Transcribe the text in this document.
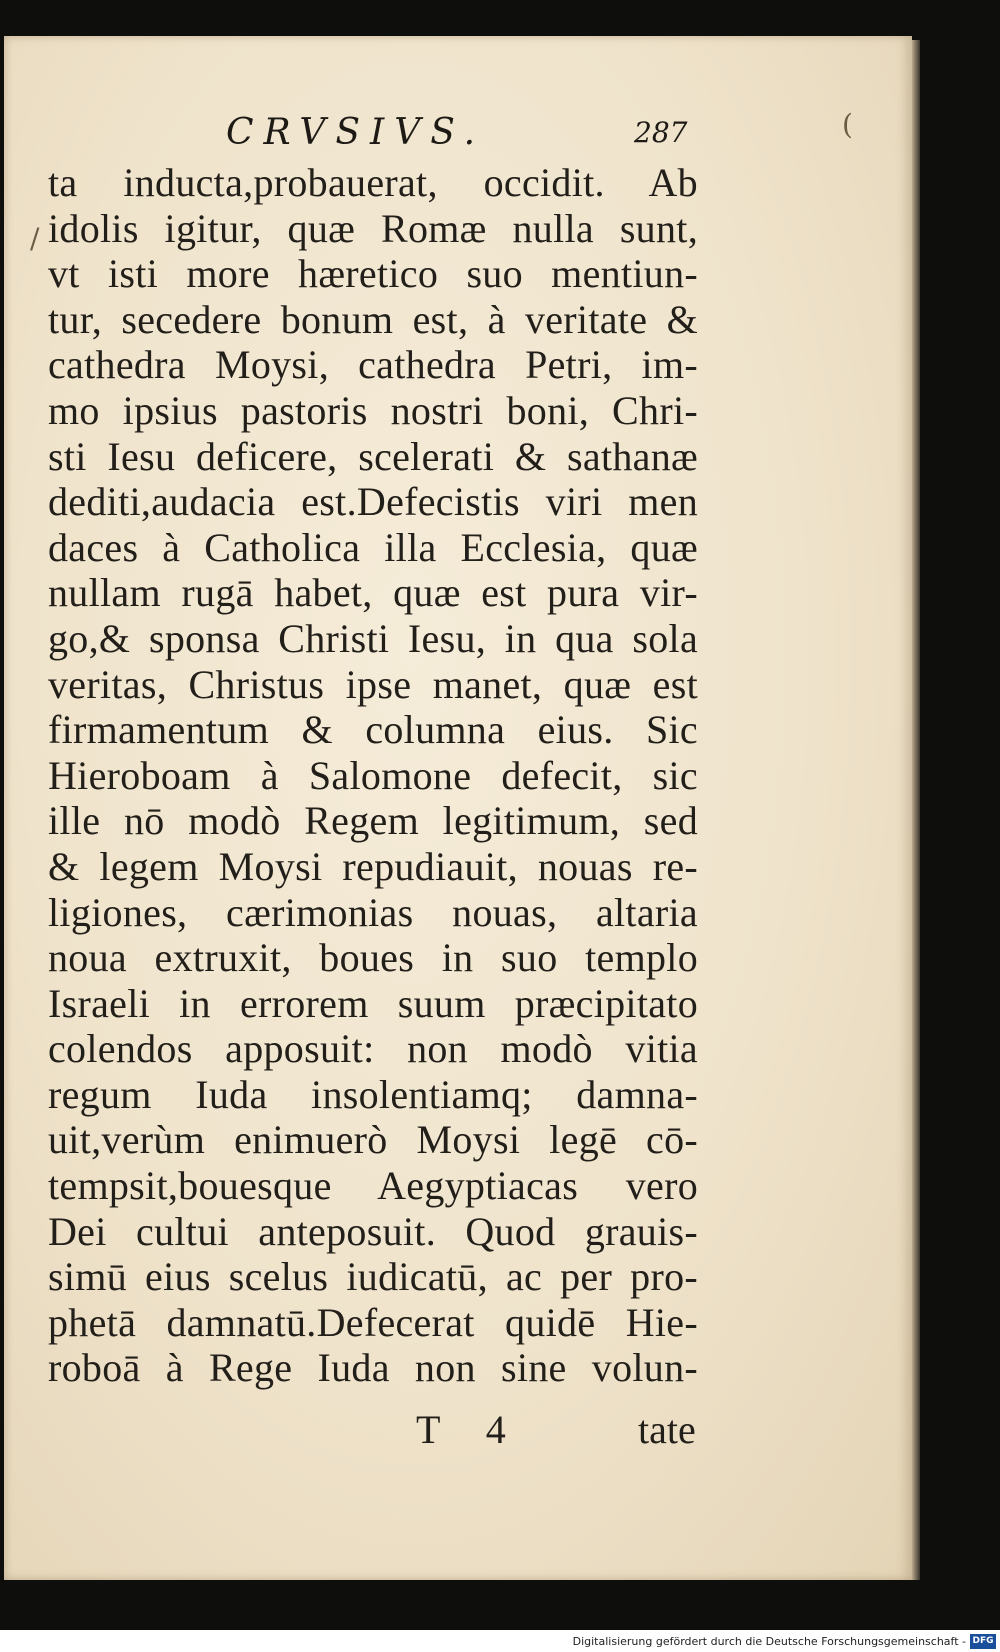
CRVSIVS.	287
ta inducta,probauerat, occidit. Ab
idolis igitur, quæ Romæ nulla sunt,
vt isti more hæretico suo mentiun-
tur, secedere bonum est, à veritate &
cathedra Moysi, cathedra Petri, im-
mo ipsius pastoris nostri boni, Chri-
sti Iesu deficere, scelerati & sathanæ
dediti,audacia est.Defecistis viri men
daces à Catholica illa Ecclesia, quæ
nullam rugā habet, quæ est pura vir-
go,& sponsa Christi Iesu, in qua sola
veritas, Christus ipse manet, quæ est
firmamentum & columna eius. Sic
Hieroboam à Salomone defecit, sic
ille nō modò Regem legitimum, sed
& legem Moysi repudiauit, nouas re-
ligiones, cærimonias nouas, altaria
noua extruxit, boues in suo templo
Israeli in errorem suum præcipitato
colendos apposuit: non modò vitia
regum Iuda insolentiamq; damna-
uit,verùm enimuerò Moysi legē cō-
tempsit,bouesque Aegyptiacas vero
Dei cultui anteposuit. Quod grauis-
simū eius scelus iudicatū, ac per pro-
phetā damnatū.Defecerat quidē Hie-
roboā à Rege Iuda non sine volun-
T 4	tate
(
/
Digitalisierung gefördert durch die Deutsche Forschungsgemeinschaft - DFG
